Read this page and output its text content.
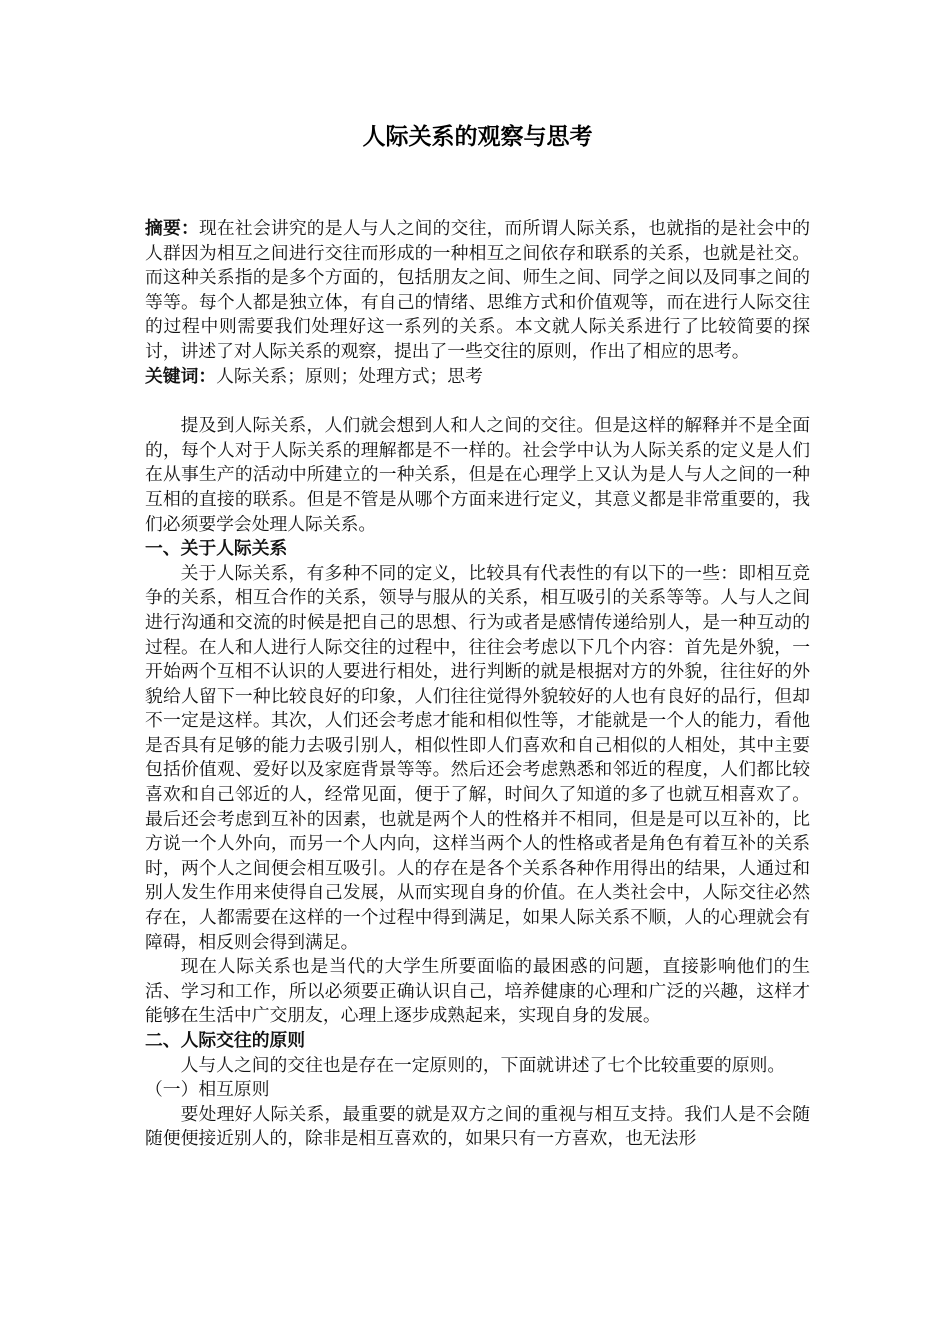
人际关系的观察与思考

摘要：现在社会讲究的是人与人之间的交往，而所谓人际关系，也就指的是社会中的人群因为相互之间进行交往而形成的一种相互之间依存和联系的关系，也就是社交。而这种关系指的是多个方面的，包括朋友之间、师生之间、同学之间以及同事之间的等等。每个人都是独立体，有自己的情绪、思维方式和价值观等，而在进行人际交往的过程中则需要我们处理好这一系列的关系。本文就人际关系进行了比较简要的探讨，讲述了对人际关系的观察，提出了一些交往的原则，作出了相应的思考。

关键词：人际关系；原则；处理方式；思考

提及到人际关系，人们就会想到人和人之间的交往。但是这样的解释并不是全面的，每个人对于人际关系的理解都是不一样的。社会学中认为人际关系的定义是人们在从事生产的活动中所建立的一种关系，但是在心理学上又认为是人与人之间的一种互相的直接的联系。但是不管是从哪个方面来进行定义，其意义都是非常重要的，我们必须要学会处理人际关系。

一、关于人际关系

关于人际关系，有多种不同的定义，比较具有代表性的有以下的一些：即相互竞争的关系，相互合作的关系，领导与服从的关系，相互吸引的关系等等。人与人之间进行沟通和交流的时候是把自己的思想、行为或者是感情传递给别人，是一种互动的过程。在人和人进行人际交往的过程中，往往会考虑以下几个内容：首先是外貌，一开始两个互相不认识的人要进行相处，进行判断的就是根据对方的外貌，往往好的外貌给人留下一种比较良好的印象，人们往往觉得外貌较好的人也有良好的品行，但却不一定是这样。其次，人们还会考虑才能和相似性等，才能就是一个人的能力，看他是否具有足够的能力去吸引别人，相似性即人们喜欢和自己相似的人相处，其中主要包括价值观、爱好以及家庭背景等等。然后还会考虑熟悉和邻近的程度，人们都比较喜欢和自己邻近的人，经常见面，便于了解，时间久了知道的多了也就互相喜欢了。最后还会考虑到互补的因素，也就是两个人的性格并不相同，但是是可以互补的，比方说一个人外向，而另一个人内向，这样当两个人的性格或者是角色有着互补的关系时，两个人之间便会相互吸引。人的存在是各个关系各种作用得出的结果，人通过和别人发生作用来使得自己发展，从而实现自身的价值。在人类社会中，人际交往必然存在，人都需要在这样的一个过程中得到满足，如果人际关系不顺，人的心理就会有障碍，相反则会得到满足。

现在人际关系也是当代的大学生所要面临的最困惑的问题，直接影响他们的生活、学习和工作，所以必须要正确认识自己，培养健康的心理和广泛的兴趣，这样才能够在生活中广交朋友，心理上逐步成熟起来，实现自身的发展。

二、人际交往的原则

人与人之间的交往也是存在一定原则的，下面就讲述了七个比较重要的原则。

（一）相互原则

要处理好人际关系，最重要的就是双方之间的重视与相互支持。我们人是不会随随便便接近别人的，除非是相互喜欢的，如果只有一方喜欢，也无法形
